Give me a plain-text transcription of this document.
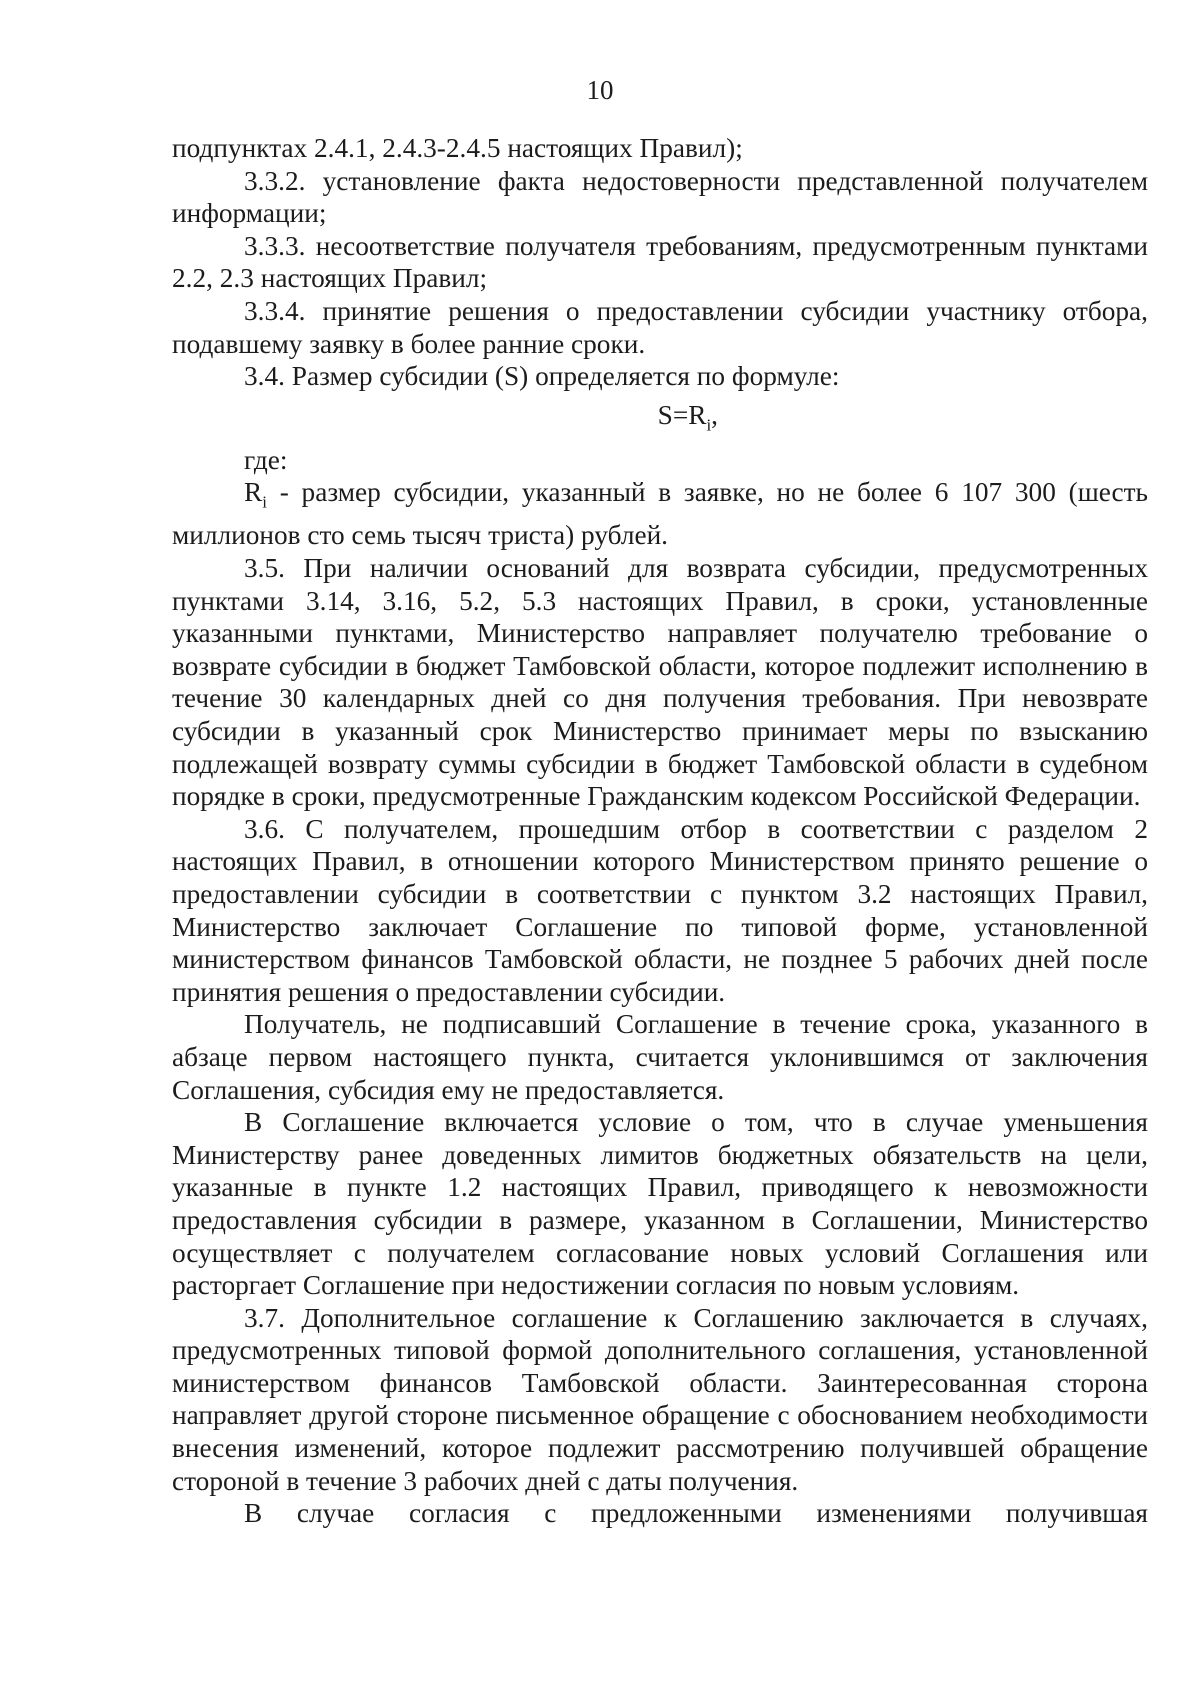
10

подпунктах 2.4.1, 2.4.3-2.4.5 настоящих Правил);

3.3.2. установление факта недостоверности представленной получателем информации;

3.3.3. несоответствие получателя требованиям, предусмотренным пунктами 2.2, 2.3 настоящих Правил;

3.3.4. принятие решения о предоставлении субсидии участнику отбора, подавшему заявку в более ранние сроки.

3.4. Размер субсидии (S) определяется по формуле:

$S=R_i$,

где:

$R_i$ - размер субсидии, указанный в заявке, но не более 6 107 300 (шесть миллионов сто семь тысяч триста) рублей.

3.5. При наличии оснований для возврата субсидии, предусмотренных пунктами 3.14, 3.16, 5.2, 5.3 настоящих Правил, в сроки, установленные указанными пунктами, Министерство направляет получателю требование о возврате субсидии в бюджет Тамбовской области, которое подлежит исполнению в течение 30 календарных дней со дня получения требования. При невозврате субсидии в указанный срок Министерство принимает меры по взысканию подлежащей возврату суммы субсидии в бюджет Тамбовской области в судебном порядке в сроки, предусмотренные Гражданским кодексом Российской Федерации.

3.6. С получателем, прошедшим отбор в соответствии с разделом 2 настоящих Правил, в отношении которого Министерством принято решение о предоставлении субсидии в соответствии с пунктом 3.2 настоящих Правил, Министерство заключает Соглашение по типовой форме, установленной министерством финансов Тамбовской области, не позднее 5 рабочих дней после принятия решения о предоставлении субсидии.

Получатель, не подписавший Соглашение в течение срока, указанного в абзаце первом настоящего пункта, считается уклонившимся от заключения Соглашения, субсидия ему не предоставляется.

В Соглашение включается условие о том, что в случае уменьшения Министерству ранее доведенных лимитов бюджетных обязательств на цели, указанные в пункте 1.2 настоящих Правил, приводящего к невозможности предоставления субсидии в размере, указанном в Соглашении, Министерство осуществляет с получателем согласование новых условий Соглашения или расторгает Соглашение при недостижении согласия по новым условиям.

3.7. Дополнительное соглашение к Соглашению заключается в случаях, предусмотренных типовой формой дополнительного соглашения, установленной министерством финансов Тамбовской области. Заинтересованная сторона направляет другой стороне письменное обращение с обоснованием необходимости внесения изменений, которое подлежит рассмотрению получившей обращение стороной в течение 3 рабочих дней с даты получения.

В случае согласия с предложенными изменениями получившая
